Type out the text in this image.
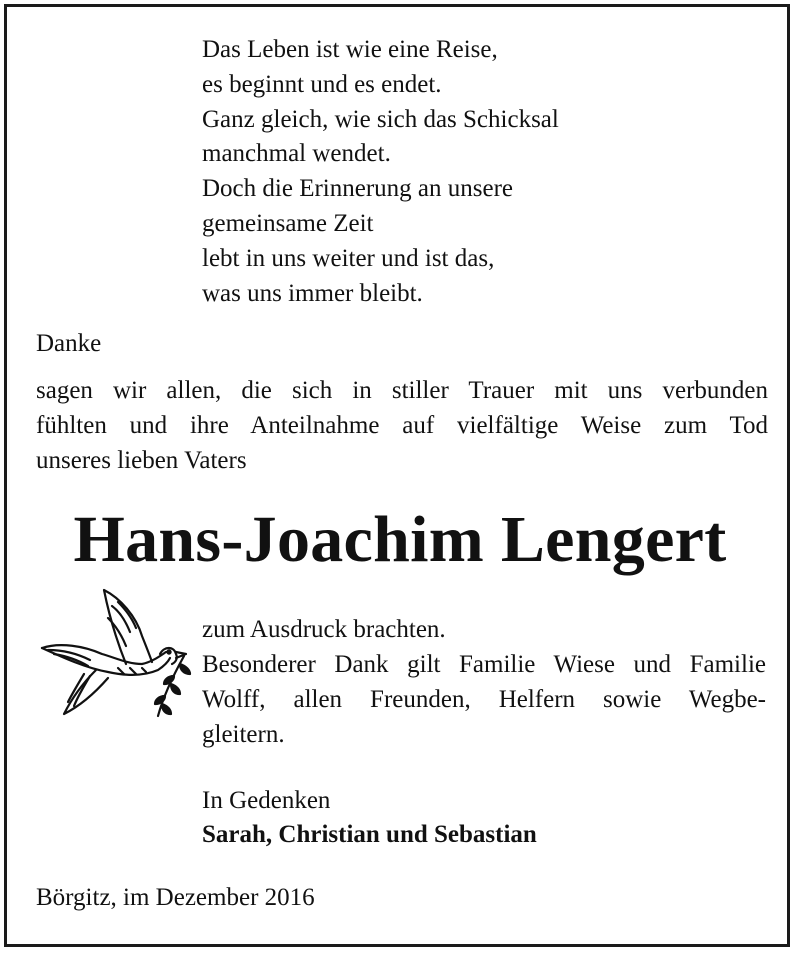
Das Leben ist wie eine Reise,
es beginnt und es endet.
Ganz gleich, wie sich das Schicksal
manchmal wendet.
Doch die Erinnerung an unsere
gemeinsame Zeit
lebt in uns weiter und ist das,
was uns immer bleibt.
Danke
sagen wir allen, die sich in stiller Trauer mit uns verbunden
fühlten und ihre Anteilnahme auf vielfältige Weise zum Tod
unseres lieben Vaters
Hans-Joachim Lengert
zum Ausdruck brachten.
Besonderer Dank gilt Familie Wiese und Familie
Wolff, allen Freunden, Helfern sowie Wegbe-
gleitern.
In Gedenken
Sarah, Christian und Sebastian
Börgitz, im Dezember 2016
